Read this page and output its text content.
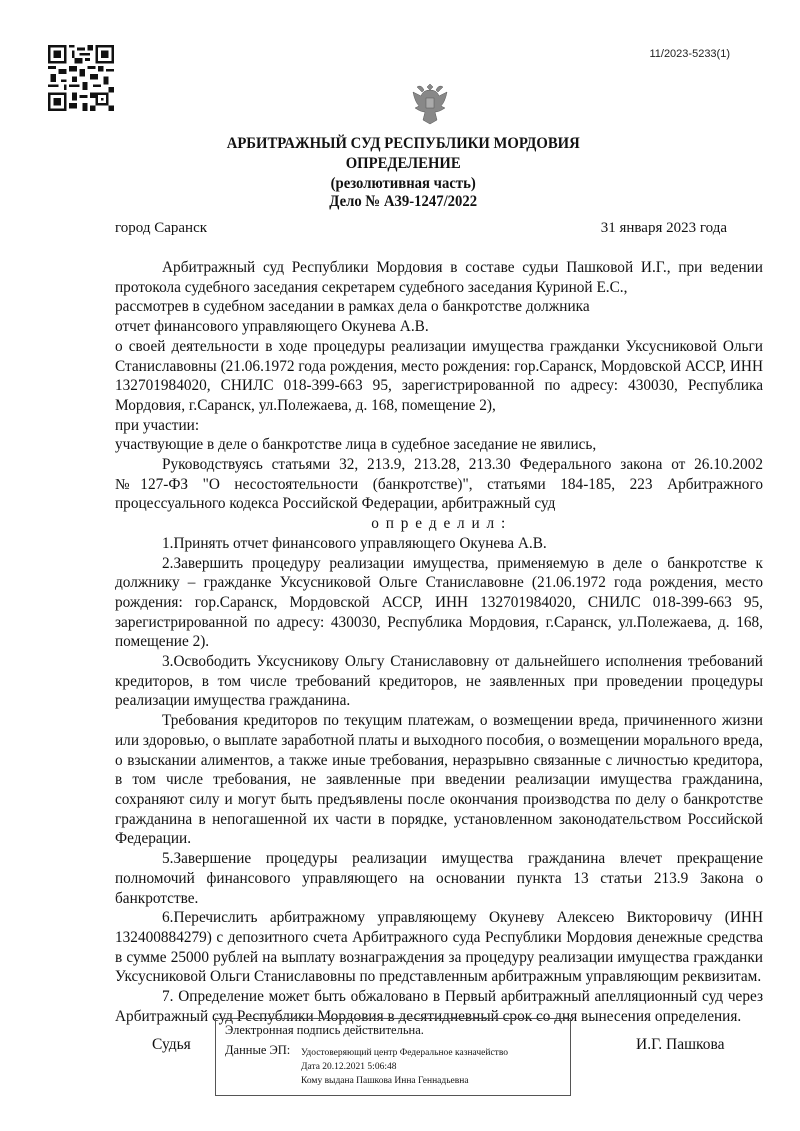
11/2023-5233(1)
АРБИТРАЖНЫЙ СУД РЕСПУБЛИКИ МОРДОВИЯ
ОПРЕДЕЛЕНИЕ
(резолютивная часть)
Дело № А39-1247/2022
город Саранск	31 января 2023 года

Арбитражный суд Республики Мордовия в составе судьи Пашковой И.Г., при ведении протокола судебного заседания секретарем судебного заседания Куриной Е.С.,

рассмотрев в судебном заседании в рамках дела о банкротстве должника

отчет финансового управляющего Окунева А.В.

о своей деятельности в ходе процедуры реализации имущества гражданки Уксусниковой Ольги Станиславовны (21.06.1972 года рождения, место рождения: гор.Саранск, Мордовской АССР, ИНН 132701984020, СНИЛС 018-399-663 95, зарегистрированной по адресу: 430030, Республика Мордовия, г.Саранск, ул.Полежаева, д. 168, помещение 2),

при участии:

участвующие в деле о банкротстве лица в судебное заседание не явились,

Руководствуясь статьями 32, 213.9, 213.28, 213.30 Федерального закона от 26.10.2002 №127-ФЗ "О несостоятельности (банкротстве)", статьями 184-185, 223 Арбитражного процессуального кодекса Российской Федерации, арбитражный суд

о п р е д е л и л :

1.Принять отчет финансового управляющего Окунева А.В.

2.Завершить процедуру реализации имущества, применяемую в деле о банкротстве к должнику – гражданке Уксусниковой Ольге Станиславовне (21.06.1972 года рождения, место рождения: гор.Саранск, Мордовской АССР, ИНН 132701984020, СНИЛС 018-399-663 95, зарегистрированной по адресу: 430030, Республика Мордовия, г.Саранск, ул.Полежаева, д. 168, помещение 2).

3.Освободить Уксусникову Ольгу Станиславовну от дальнейшего исполнения требований кредиторов, в том числе требований кредиторов, не заявленных при проведении процедуры реализации имущества гражданина.

Требования кредиторов по текущим платежам, о возмещении вреда, причиненного жизни или здоровью, о выплате заработной платы и выходного пособия, о возмещении морального вреда, о взыскании алиментов, а также иные требования, неразрывно связанные с личностью кредитора, в том числе требования, не заявленные при введении реализации имущества гражданина, сохраняют силу и могут быть предъявлены после окончания производства по делу о банкротстве гражданина в непогашенной их части в порядке, установленном законодательством Российской Федерации.

5.Завершение процедуры реализации имущества гражданина влечет прекращение полномочий финансового управляющего на основании пункта 13 статьи 213.9 Закона о банкротстве.

6.Перечислить арбитражному управляющему Окуневу Алексею Викторовичу (ИНН 132400884279) с депозитного счета Арбитражного суда Республики Мордовия денежные средства в сумме 25000 рублей на выплату вознаграждения за процедуру реализации имущества гражданки Уксусниковой Ольги Станиславовны по представленным арбитражным управляющим реквизитам.

7. Определение может быть обжаловано в Первый арбитражный апелляционный суд через Арбитражный суд Республики Мордовия в десятидневный срок со дня вынесения определения.

Судья
Электронная подпись действительна.
Данные ЭП: Удостоверяющий центр Федеральное казначейство
Дата 20.12.2021 5:06:48
Кому выдана Пашкова Инна Геннадьевна
И.Г. Пашкова
